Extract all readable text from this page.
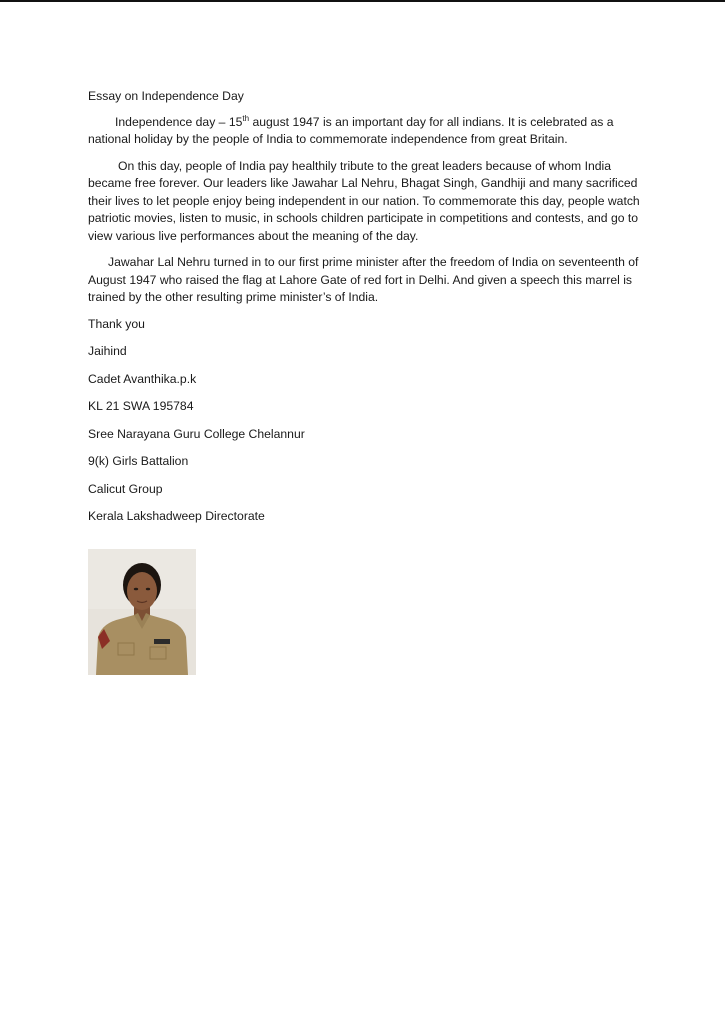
Essay on Independence Day

Independence day – 15th august 1947 is an important day for all indians. It is celebrated as a national holiday by the people of India to commemorate independence from great Britain.

On this day, people of India pay healthily tribute to the great leaders because of whom India became free forever. Our leaders like Jawahar Lal Nehru, Bhagat Singh, Gandhiji and many sacrificed their lives to let people enjoy being independent in our nation. To commemorate this day, people watch patriotic movies, listen to music, in schools children participate in competitions and contests, and go to view various live performances about the meaning of the day.

Jawahar Lal Nehru turned in to our first prime minister after the freedom of India on seventeenth of August 1947 who raised the flag at Lahore Gate of red fort in Delhi. And given a speech this marrel is trained by the other resulting prime minister’s of India.

Thank you

Jaihind

Cadet Avanthika.p.k

KL 21 SWA 195784

Sree Narayana Guru College Chelannur

9(k) Girls Battalion

Calicut Group

Kerala Lakshadweep Directorate
